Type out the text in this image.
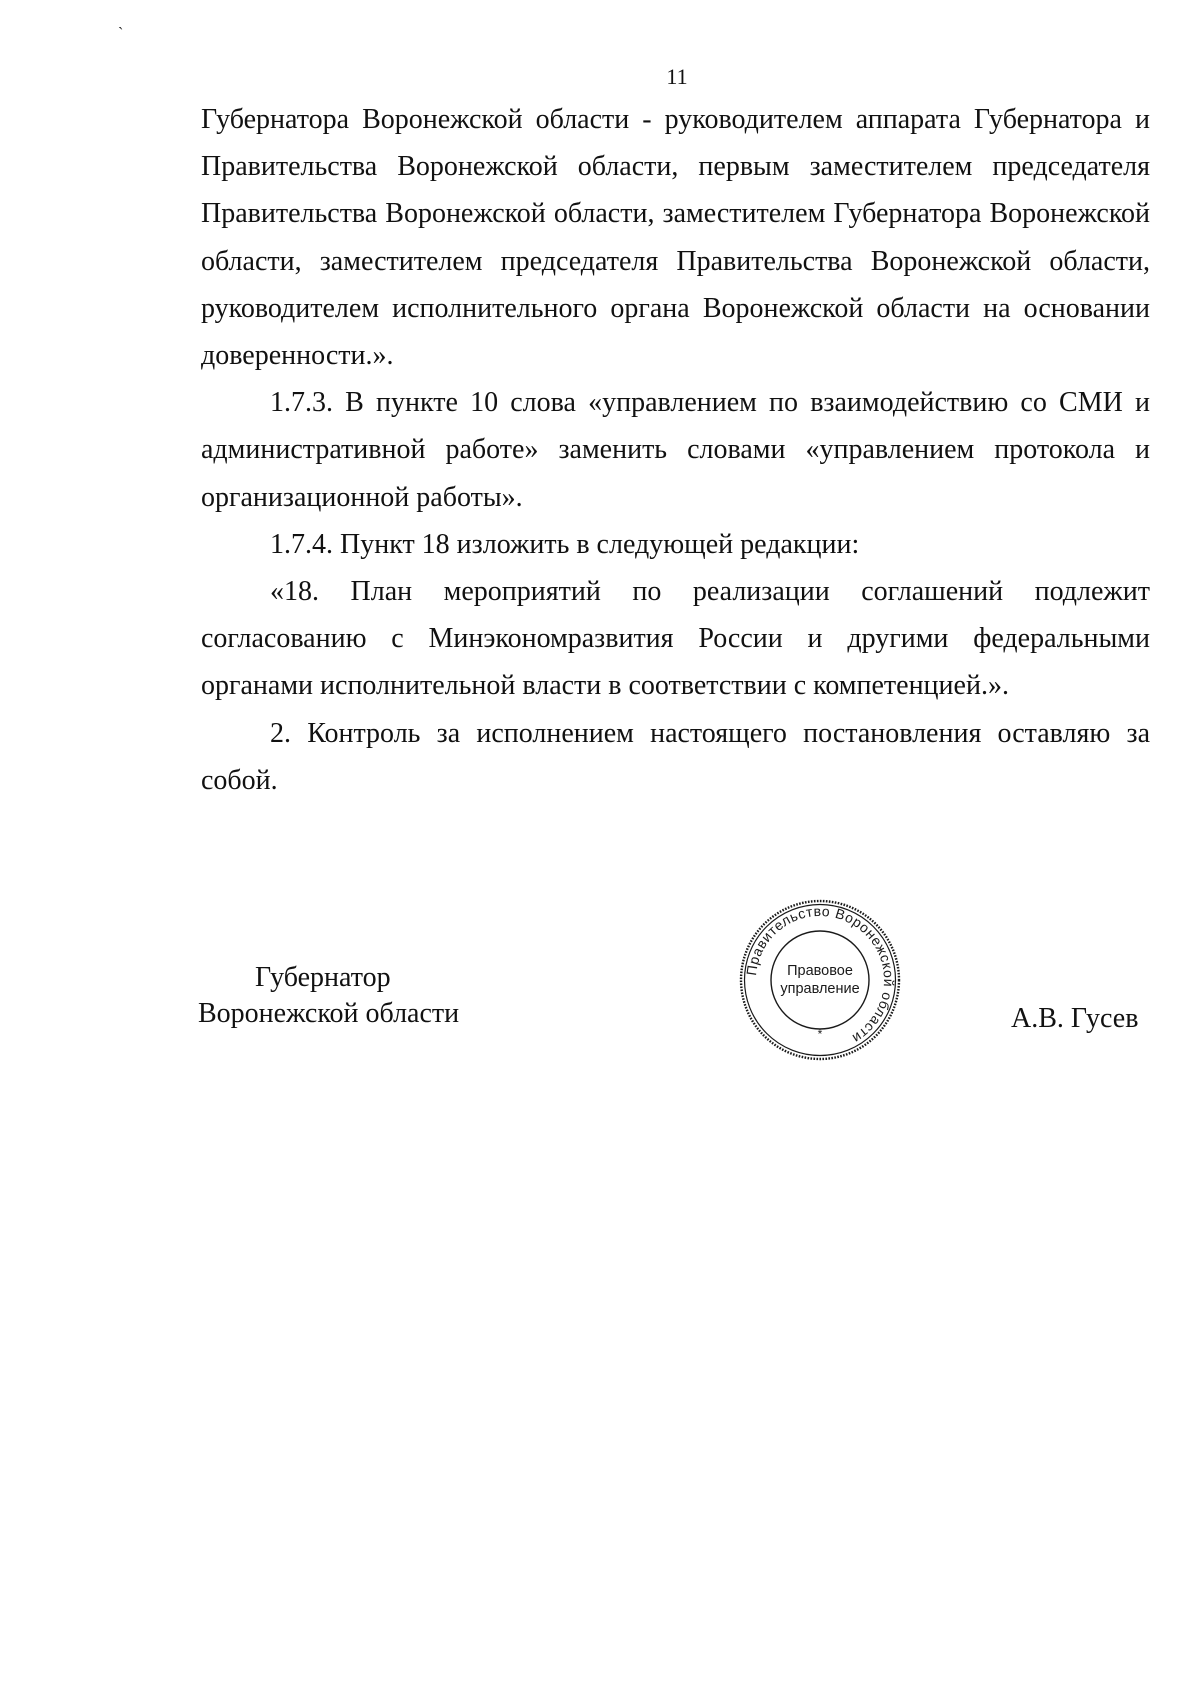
ˎ
11

Губернатора Воронежской области - руководителем аппарата Губернатора и Правительства Воронежской области, первым заместителем председателя Правительства Воронежской области, заместителем Губернатора Воронежской области, заместителем председателя Правительства Воронежской области, руководителем исполнительного органа Воронежской области на основании доверенности.».

1.7.3. В пункте 10 слова «управлением по взаимодействию со СМИ и административной работе» заменить словами «управлением протокола и организационной работы».

1.7.4. Пункт 18 изложить в следующей редакции:

«18. План мероприятий по реализации соглашений подлежит согласованию с Минэкономразвития России и другими федеральными органами исполнительной власти в соответствии с компетенцией.».

2. Контроль за исполнением настоящего постановления оставляю за собой.

Губернатор
Воронежской области
Правительство Воронежской области
Правовое
управление
*	А.В. Гусев
